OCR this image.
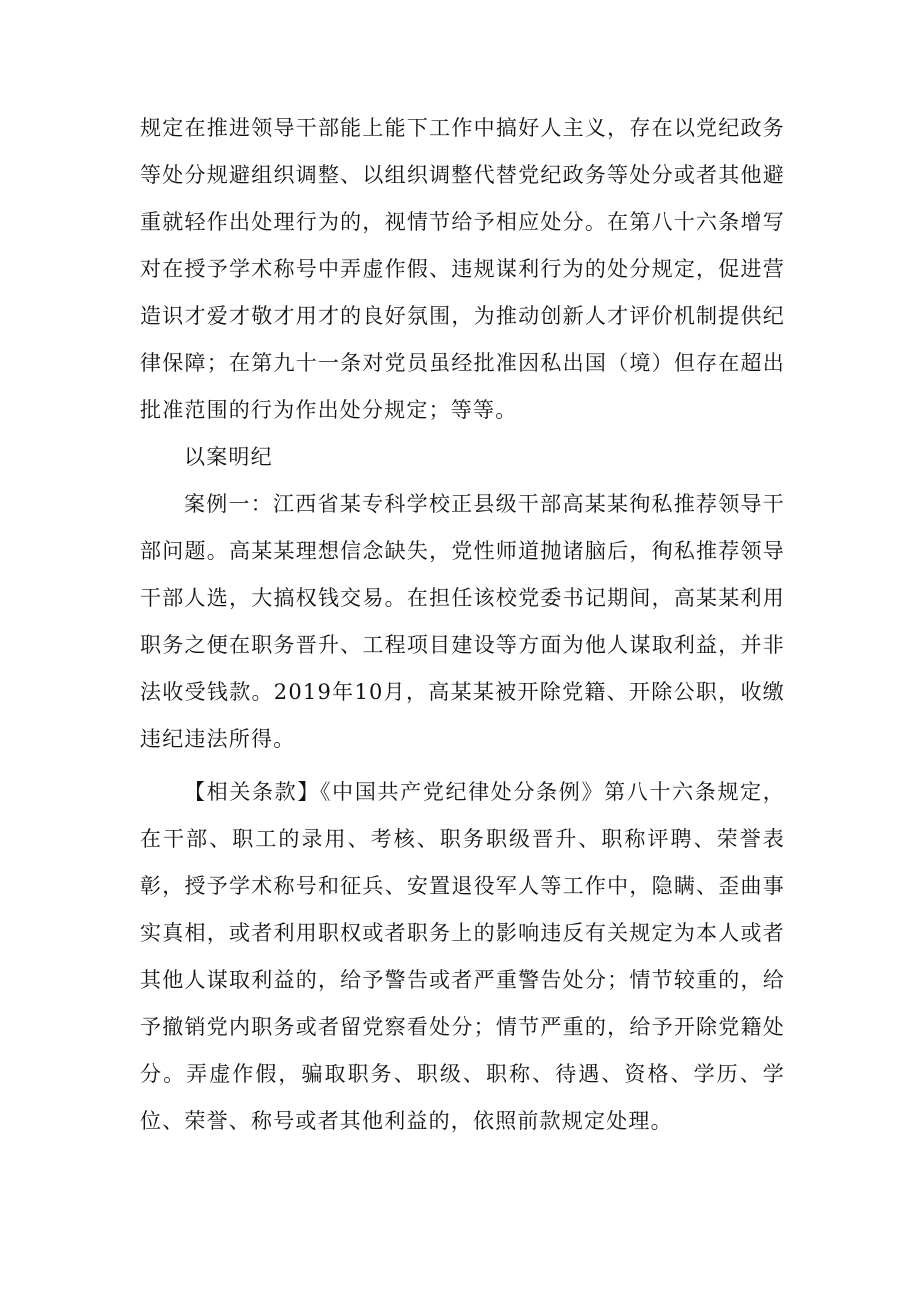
规定在推进领导干部能上能下工作中搞好人主义，存在以党纪政务等处分规避组织调整、以组织调整代替党纪政务等处分或者其他避重就轻作出处理行为的，视情节给予相应处分。在第八十六条增写对在授予学术称号中弄虚作假、违规谋利行为的处分规定，促进营造识才爱才敬才用才的良好氛围，为推动创新人才评价机制提供纪律保障；在第九十一条对党员虽经批准因私出国（境）但存在超出批准范围的行为作出处分规定；等等。

以案明纪

案例一：江西省某专科学校正县级干部高某某徇私推荐领导干部问题。高某某理想信念缺失，党性师道抛诸脑后，徇私推荐领导干部人选，大搞权钱交易。在担任该校党委书记期间，高某某利用职务之便在职务晋升、工程项目建设等方面为他人谋取利益，并非法收受钱款。2019年10月，高某某被开除党籍、开除公职，收缴违纪违法所得。

【相关条款】《中国共产党纪律处分条例》第八十六条规定，在干部、职工的录用、考核、职务职级晋升、职称评聘、荣誉表彰，授予学术称号和征兵、安置退役军人等工作中，隐瞒、歪曲事实真相，或者利用职权或者职务上的影响违反有关规定为本人或者其他人谋取利益的，给予警告或者严重警告处分；情节较重的，给予撤销党内职务或者留党察看处分；情节严重的，给予开除党籍处分。弄虚作假，骗取职务、职级、职称、待遇、资格、学历、学位、荣誉、称号或者其他利益的，依照前款规定处理。
